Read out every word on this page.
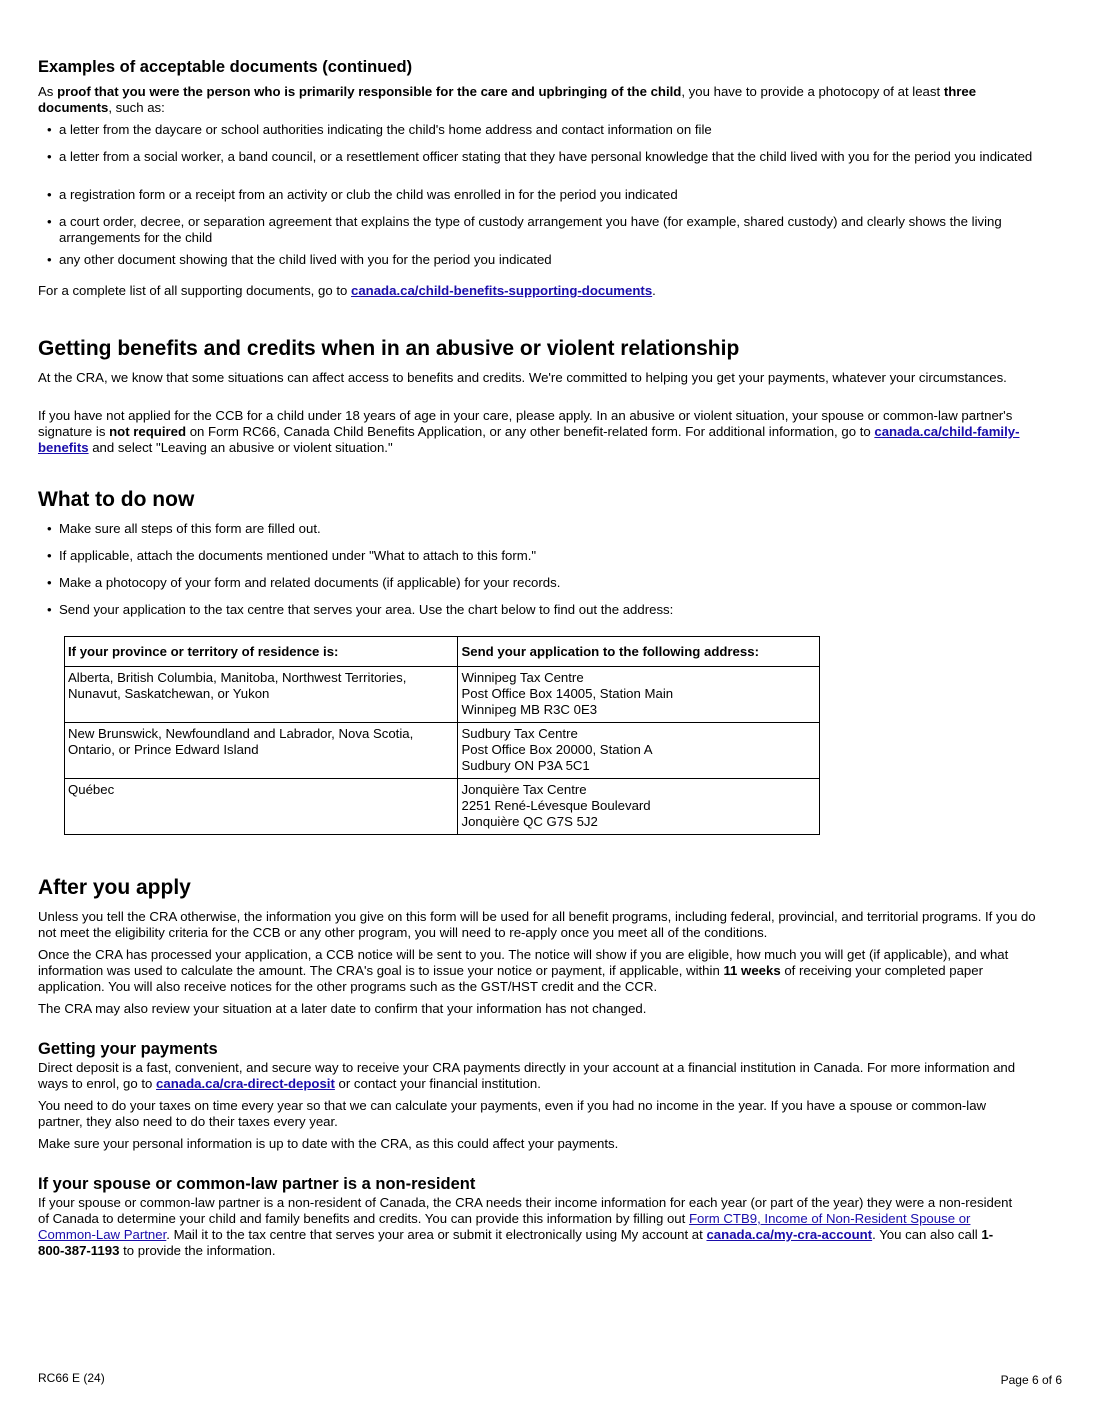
Examples of acceptable documents (continued)

As proof that you were the person who is primarily responsible for the care and upbringing of the child, you have to provide a photocopy of at least three documents, such as:

• a letter from the daycare or school authorities indicating the child's home address and contact information on file
• a letter from a social worker, a band council, or a resettlement officer stating that they have personal knowledge that the child lived with you for the period you indicated
• a registration form or a receipt from an activity or club the child was enrolled in for the period you indicated
• a court order, decree, or separation agreement that explains the type of custody arrangement you have (for example, shared custody) and clearly shows the living arrangements for the child
• any other document showing that the child lived with you for the period you indicated

For a complete list of all supporting documents, go to canada.ca/child-benefits-supporting-documents.

Getting benefits and credits when in an abusive or violent relationship

At the CRA, we know that some situations can affect access to benefits and credits. We're committed to helping you get your payments, whatever your circumstances.

If you have not applied for the CCB for a child under 18 years of age in your care, please apply. In an abusive or violent situation, your spouse or common-law partner's signature is not required on Form RC66, Canada Child Benefits Application, or any other benefit-related form. For additional information, go to canada.ca/child-family-benefits and select "Leaving an abusive or violent situation."

What to do now
• Make sure all steps of this form are filled out.
• If applicable, attach the documents mentioned under "What to attach to this form."
• Make a photocopy of your form and related documents (if applicable) for your records.
• Send your application to the tax centre that serves your area. Use the chart below to find out the address:
If your province or territory of residence is:	Send your application to the following address:
Alberta, British Columbia, Manitoba, Northwest Territories, Nunavut, Saskatchewan, or Yukon	Winnipeg Tax Centre
Post Office Box 14005, Station Main
Winnipeg MB R3C 0E3

New Brunswick, Newfoundland and Labrador, Nova Scotia, Ontario, or Prince Edward Island	Sudbury Tax Centre
Post Office Box 20000, Station A
Sudbury ON P3A 5C1

Québec	Jonquière Tax Centre
2251 René-Lévesque Boulevard
Jonquière QC G7S 5J2
After you apply

Unless you tell the CRA otherwise, the information you give on this form will be used for all benefit programs, including federal, provincial, and territorial programs. If you do not meet the eligibility criteria for the CCB or any other program, you will need to re-apply once you meet all of the conditions.

Once the CRA has processed your application, a CCB notice will be sent to you. The notice will show if you are eligible, how much you will get (if applicable), and what information was used to calculate the amount. The CRA's goal is to issue your notice or payment, if applicable, within 11 weeks of receiving your completed paper application. You will also receive notices for the other programs such as the GST/HST credit and the CCR.

The CRA may also review your situation at a later date to confirm that your information has not changed.

Getting your payments

Direct deposit is a fast, convenient, and secure way to receive your CRA payments directly in your account at a financial institution in Canada. For more information and ways to enrol, go to canada.ca/cra-direct-deposit or contact your financial institution.

You need to do your taxes on time every year so that we can calculate your payments, even if you had no income in the year. If you have a spouse or common-law partner, they also need to do their taxes every year.

Make sure your personal information is up to date with the CRA, as this could affect your payments.

If your spouse or common-law partner is a non-resident

If your spouse or common-law partner is a non-resident of Canada, the CRA needs their income information for each year (or part of the year) they were a non-resident of Canada to determine your child and family benefits and credits. You can provide this information by filling out Form CTB9, Income of Non-Resident Spouse or Common-Law Partner. Mail it to the tax centre that serves your area or submit it electronically using My account at canada.ca/my-cra-account. You can also call 1-800-387-1193 to provide the information.

RC66 E (24)	Page 6 of 6
